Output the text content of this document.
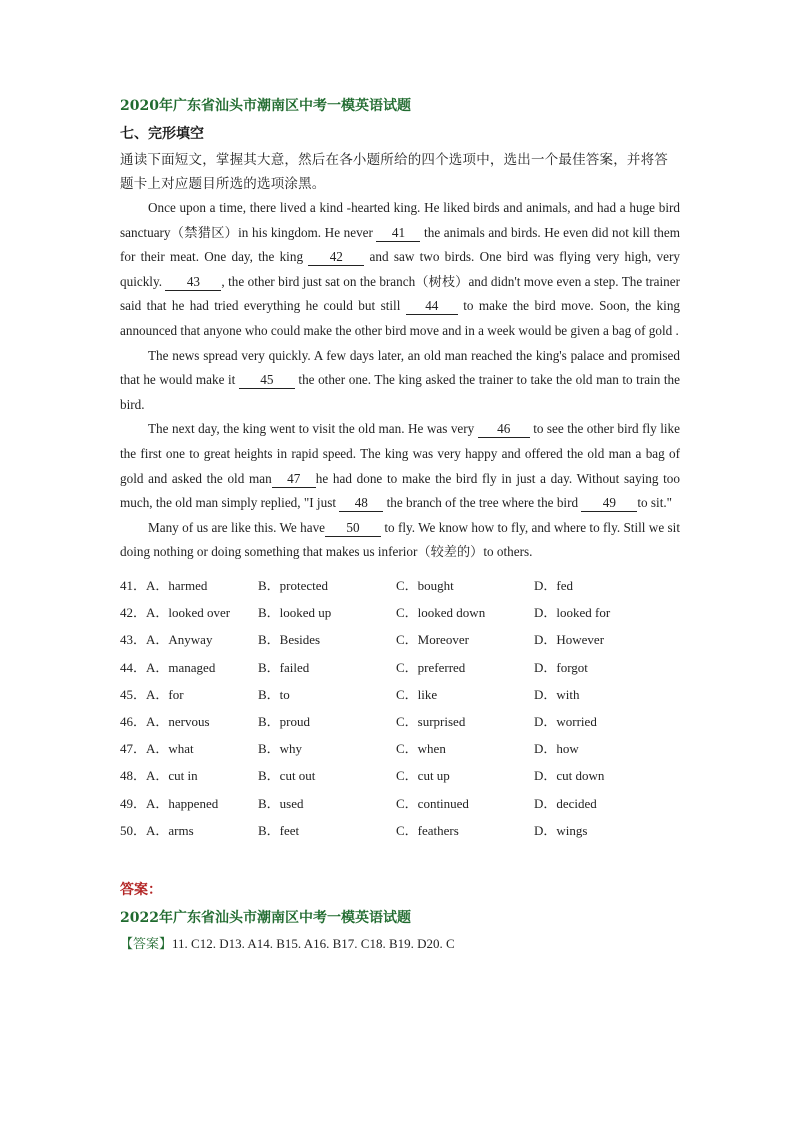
2020年广东省汕头市潮南区中考一模英语试题
七、完形填空
通读下面短文，掌握其大意，然后在各小题所给的四个选项中，选出一个最佳答案，并将答题卡上对应题目所选的选项涂黑。
Once upon a time, there lived a kind -hearted king. He liked birds and animals, and had a huge bird sanctuary（禁猎区）in his kingdom. He never 41 the animals and birds. He even did not kill them for their meat. One day, the king 42 and saw two birds. One bird was flying very high, very quickly. 43 , the other bird just sat on the branch（树枝）and didn't move even a step. The trainer said that he had tried everything he could but still 44 to make the bird move. Soon, the king announced that anyone who could make the other bird move and in a week would be given a bag of gold .
The news spread very quickly. A few days later, an old man reached the king's palace and promised that he would make it 45 the other one. The king asked the trainer to take the old man to train the bird.
The next day, the king went to visit the old man. He was very 46 to see the other bird fly like the first one to great heights in rapid speed. The king was very happy and offered the old man a bag of gold and asked the old man 47 he had done to make the bird fly in just a day. Without saying too much, the old man simply replied, "I just 48 the branch of the tree where the bird 49 to sit."
Many of us are like this. We have 50 to fly. We know how to fly, and where to fly. Still we sit doing nothing or doing something that makes us inferior（较差的）to others.
41．A．harmed	B．protected	C．bought	D．fed
42．A．looked over	B．looked up	C．looked down	D．looked for
43．A．Anyway	B．Besides	C．Moreover	D．However
44．A．managed	B．failed	C．preferred	D．forgot
45．A．for	B．to	C．like	D．with
46．A．nervous	B．proud	C．surprised	D．worried
47．A．what	B．why	C．when	D．how
48．A．cut in	B．cut out	C．cut up	D．cut down
49．A．happened	B．used	C．continued	D．decided
50．A．arms	B．feet	C．feathers	D．wings
答案：
2022年广东省汕头市潮南区中考一模英语试题
【答案】11. C12. D13. A14. B15. A16. B17. C18. B19. D20. C
